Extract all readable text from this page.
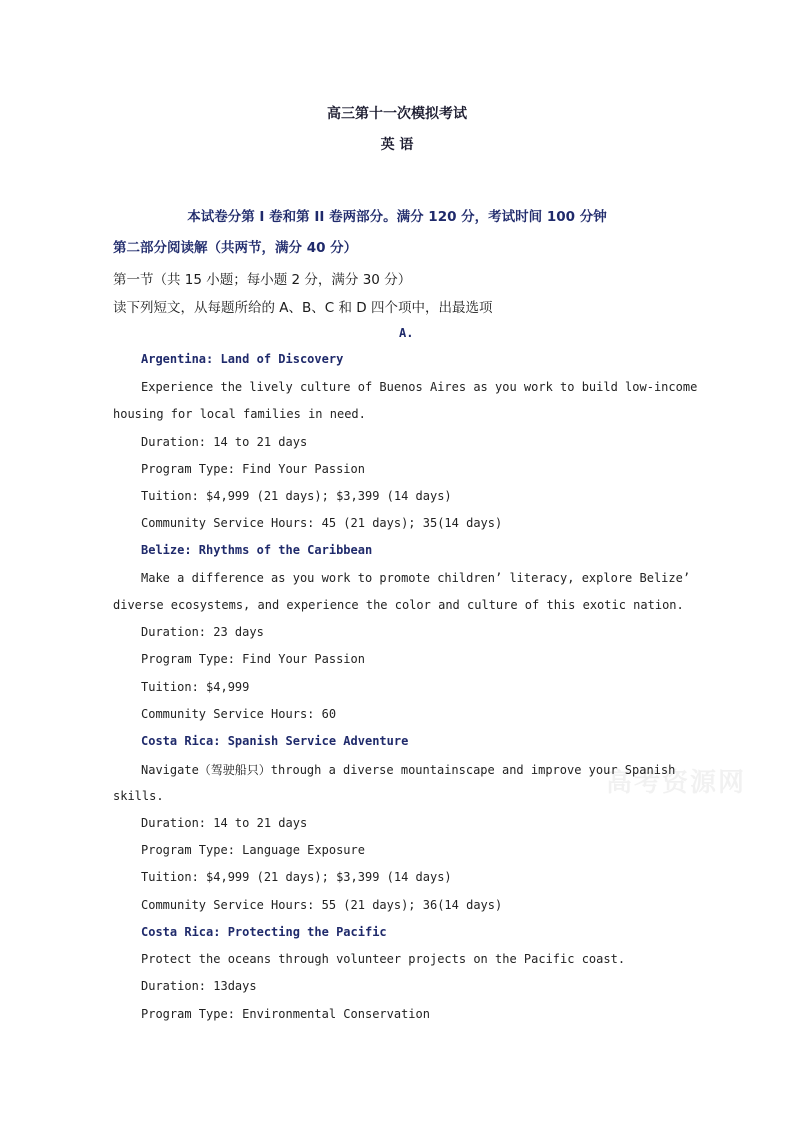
高三第十一次模拟考试
英 语
本试卷分第 I 卷和第 II 卷两部分。满分 120 分，考试时间 100 分钟
第二部分阅读解（共两节，满分 40 分）
第一节（共 15 小题；每小题 2 分，满分 30 分）
读下列短文，从每题所给的 A、B、C 和 D 四个项中，出最选项
A.
Argentina: Land of Discovery
Experience the lively culture of Buenos Aires as you work to build low-income
housing for local families in need.
Duration: 14 to 21 days
Program Type: Find Your Passion
Tuition: $4,999 (21 days); $3,399 (14 days)
Community Service Hours: 45 (21 days); 35(14 days)
Belize: Rhythms of the Caribbean
Make a difference as you work to promote children’ literacy, explore Belize’
diverse ecosystems, and experience the color and culture of this exotic nation.
Duration: 23 days
Program Type: Find Your Passion
Tuition: $4,999
Community Service Hours: 60
Costa Rica: Spanish Service Adventure
Navigate（驾驶船只）through a diverse mountainscape and improve your Spanish
skills.
Duration: 14 to 21 days
Program Type: Language Exposure
Tuition: $4,999 (21 days); $3,399 (14 days)
Community Service Hours: 55 (21 days); 36(14 days)
Costa Rica: Protecting the Pacific
Protect the oceans through volunteer projects on the Pacific coast.
Duration: 13days
Program Type: Environmental Conservation
高考资源网
